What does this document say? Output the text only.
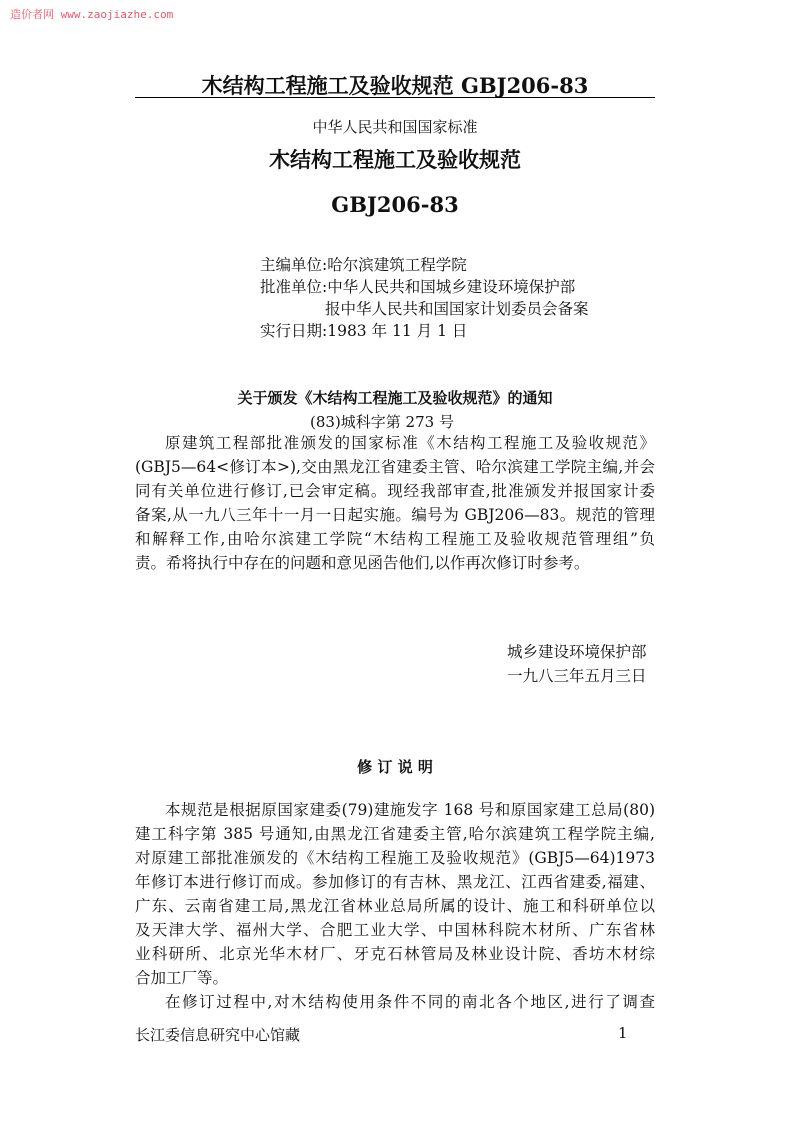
造价者网 www.zaojiazhe.com
木结构工程施工及验收规范 GBJ206-83
中华人民共和国国家标准
木结构工程施工及验收规范
GBJ206-83
主编单位:哈尔滨建筑工程学院
批准单位:中华人民共和国城乡建设环境保护部
报中华人民共和国国家计划委员会备案
实行日期:1983 年 11 月 1 日
关于颁发《木结构工程施工及验收规范》的通知
(83)城科字第 273 号
原建筑工程部批准颁发的国家标准《木结构工程施工及验收规范》
(GBJ5—64<修订本>),交由黑龙江省建委主管、哈尔滨建工学院主编,并会
同有关单位进行修订,已会审定稿。现经我部审查,批准颁发并报国家计委
备案,从一九八三年十一月一日起实施。编号为 GBJ206—83。规范的管理
和解释工作,由哈尔滨建工学院“木结构工程施工及验收规范管理组”负
责。希将执行中存在的问题和意见函告他们,以作再次修订时参考。
城乡建设环境保护部
一九八三年五月三日
修 订 说 明
本规范是根据原国家建委(79)建施发字 168 号和原国家建工总局(80)
建工科字第 385 号通知,由黑龙江省建委主管,哈尔滨建筑工程学院主编,
对原建工部批准颁发的《木结构工程施工及验收规范》(GBJ5—64)1973
年修订本进行修订而成。参加修订的有吉林、黑龙江、江西省建委,福建、
广东、云南省建工局,黑龙江省林业总局所属的设计、施工和科研单位以
及天津大学、福州大学、合肥工业大学、中国林科院木材所、广东省林
业科研所、北京光华木材厂、牙克石林管局及林业设计院、香坊木材综
合加工厂等。
在修订过程中,对木结构使用条件不同的南北各个地区,进行了调查
长江委信息研究中心馆藏	1
